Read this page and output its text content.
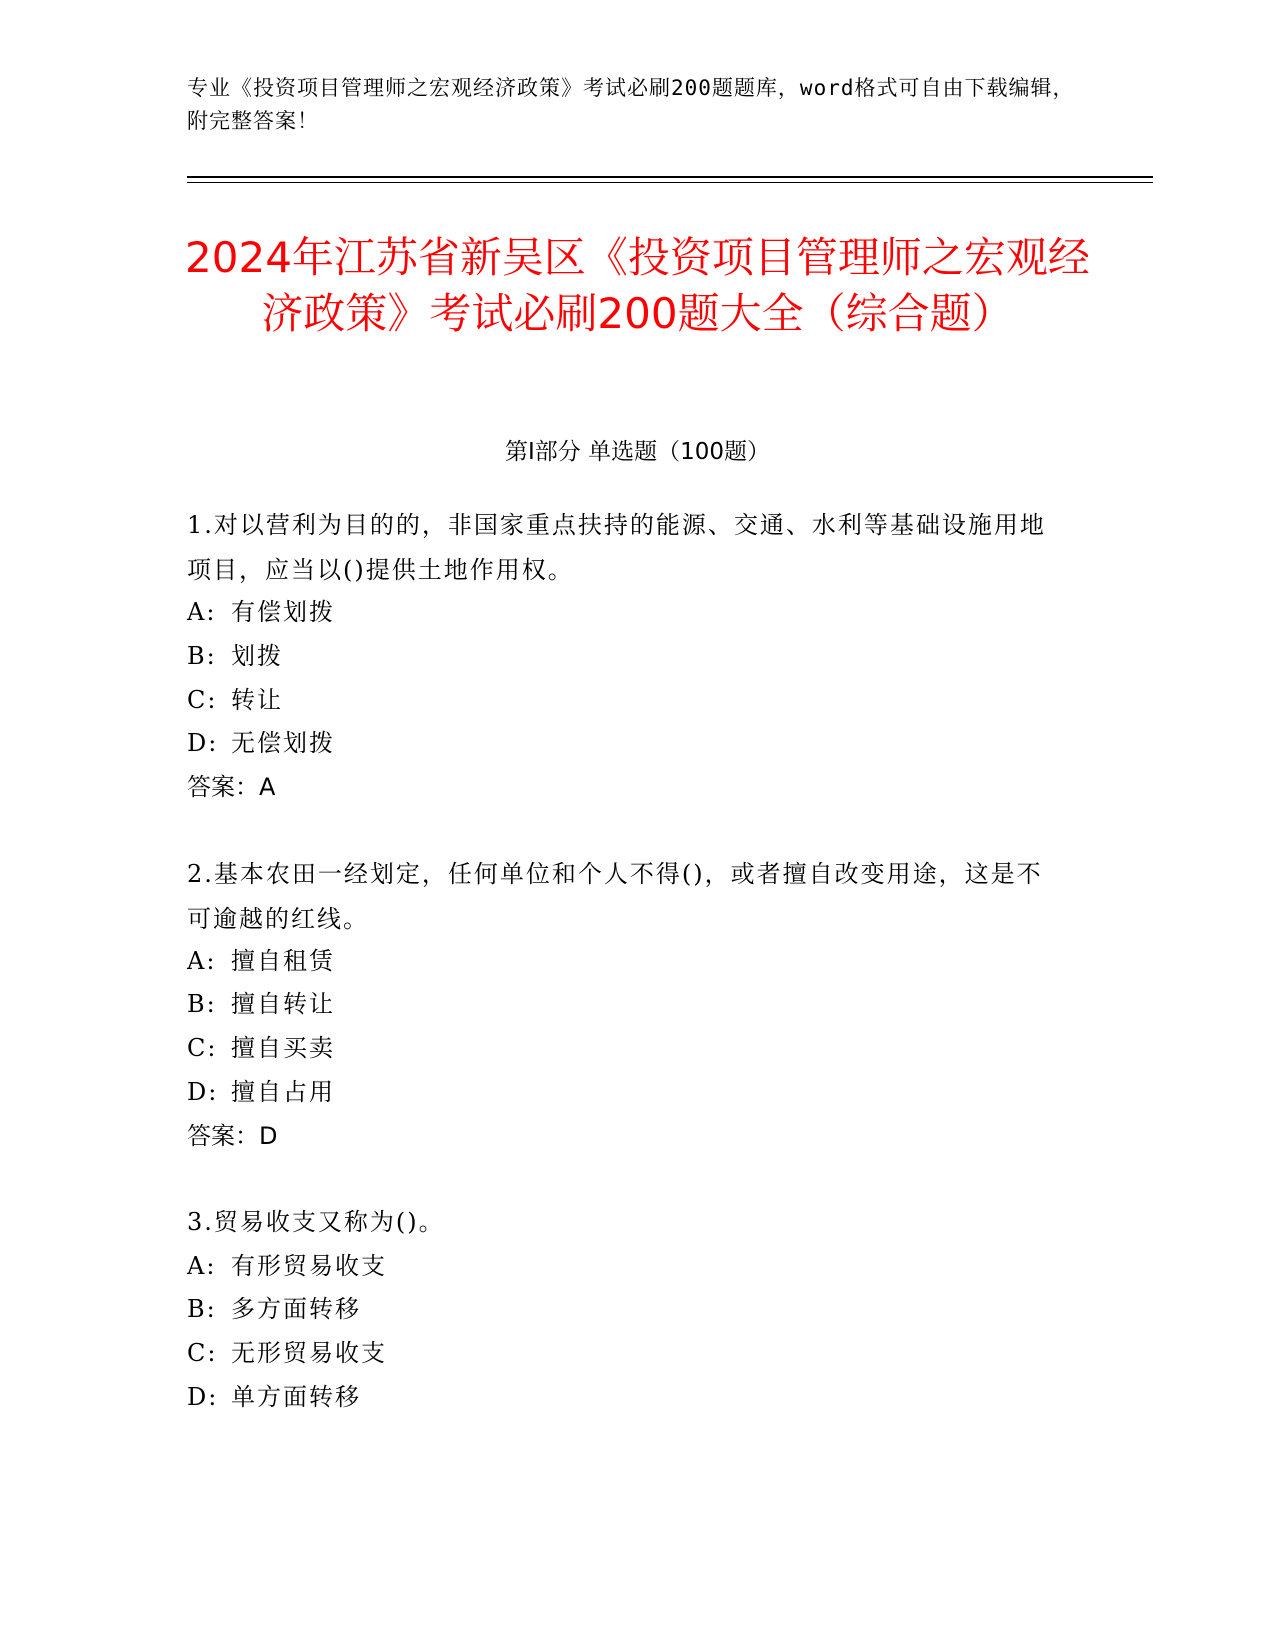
专业《投资项目管理师之宏观经济政策》考试必刷200题题库，word格式可自由下载编辑，附完整答案！
2024年江苏省新吴区《投资项目管理师之宏观经济政策》考试必刷200题大全（综合题）
第I部分 单选题（100题）
1.对以营利为目的的，非国家重点扶持的能源、交通、水利等基础设施用地项目，应当以()提供土地作用权。
A: 有偿划拨
B: 划拨
C: 转让
D: 无偿划拨
答案：A
2.基本农田一经划定，任何单位和个人不得()，或者擅自改变用途，这是不可逾越的红线。
A: 擅自租赁
B: 擅自转让
C: 擅自买卖
D: 擅自占用
答案：D
3.贸易收支又称为()。
A: 有形贸易收支
B: 多方面转移
C: 无形贸易收支
D: 单方面转移
